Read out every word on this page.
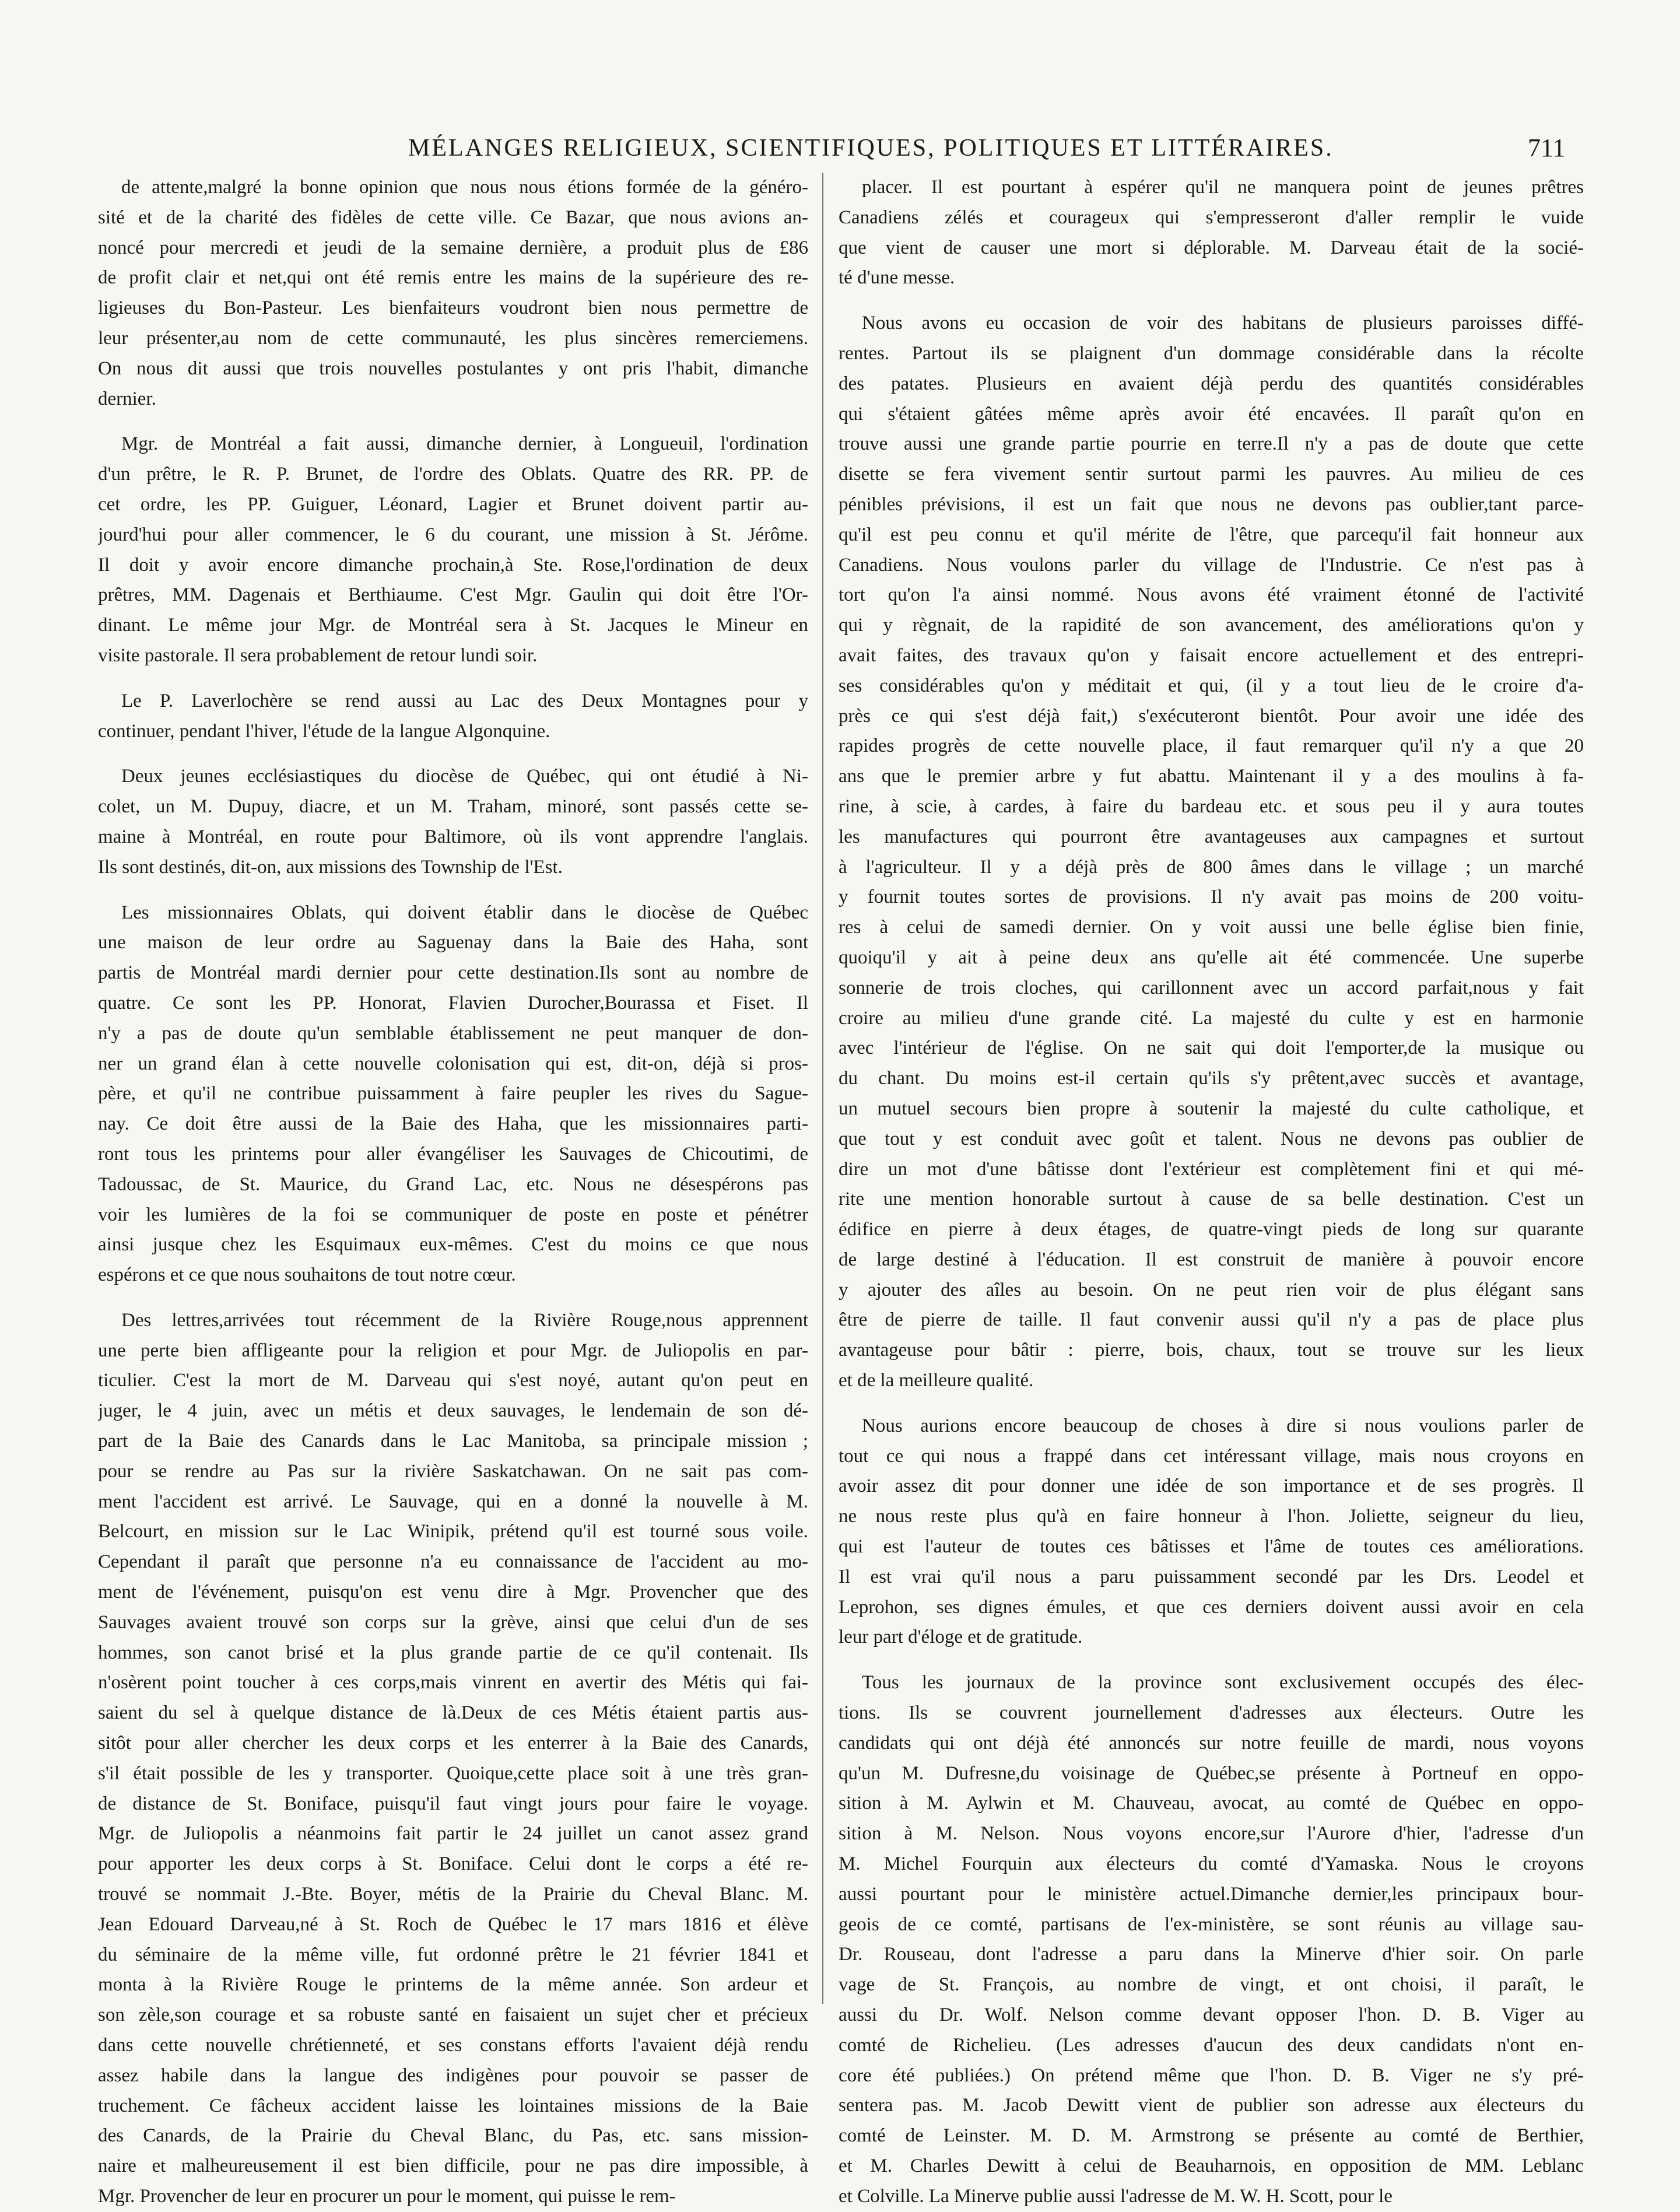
MÉLANGES RELIGIEUX, SCIENTIFIQUES, POLITIQUES ET LITTÉRAIRES.	711
de attente,malgré la bonne opinion que nous nous étions formée de la généro-
sité et de la charité des fidèles de cette ville. Ce Bazar, que nous avions an-
noncé pour mercredi et jeudi de la semaine dernière, a produit plus de £86
de profit clair et net,qui ont été remis entre les mains de la supérieure des re-
ligieuses du Bon-Pasteur. Les bienfaiteurs voudront bien nous permettre de
leur présenter,au nom de cette communauté, les plus sincères remerciemens.
On nous dit aussi que trois nouvelles postulantes y ont pris l'habit, dimanche
dernier.
Mgr. de Montréal a fait aussi, dimanche dernier, à Longueuil, l'ordination
d'un prêtre, le R. P. Brunet, de l'ordre des Oblats. Quatre des RR. PP. de
cet ordre, les PP. Guiguer, Léonard, Lagier et Brunet doivent partir au-
jourd'hui pour aller commencer, le 6 du courant, une mission à St. Jérôme.
Il doit y avoir encore dimanche prochain,à Ste. Rose,l'ordination de deux
prêtres, MM. Dagenais et Berthiaume. C'est Mgr. Gaulin qui doit être l'Or-
dinant. Le même jour Mgr. de Montréal sera à St. Jacques le Mineur en
visite pastorale. Il sera probablement de retour lundi soir.
Le P. Laverlochère se rend aussi au Lac des Deux Montagnes pour y
continuer, pendant l'hiver, l'étude de la langue Algonquine.
Deux jeunes ecclésiastiques du diocèse de Québec, qui ont étudié à Ni-
colet, un M. Dupuy, diacre, et un M. Traham, minoré, sont passés cette se-
maine à Montréal, en route pour Baltimore, où ils vont apprendre l'anglais.
Ils sont destinés, dit-on, aux missions des Township de l'Est.
Les missionnaires Oblats, qui doivent établir dans le diocèse de Québec
une maison de leur ordre au Saguenay dans la Baie des Haha, sont
partis de Montréal mardi dernier pour cette destination.Ils sont au nombre de
quatre. Ce sont les PP. Honorat, Flavien Durocher,Bourassa et Fiset. Il
n'y a pas de doute qu'un semblable établissement ne peut manquer de don-
ner un grand élan à cette nouvelle colonisation qui est, dit-on, déjà si pros-
père, et qu'il ne contribue puissamment à faire peupler les rives du Sague-
nay. Ce doit être aussi de la Baie des Haha, que les missionnaires parti-
ront tous les printems pour aller évangéliser les Sauvages de Chicoutimi, de
Tadoussac, de St. Maurice, du Grand Lac, etc. Nous ne désespérons pas
voir les lumières de la foi se communiquer de poste en poste et pénétrer
ainsi jusque chez les Esquimaux eux-mêmes. C'est du moins ce que nous
espérons et ce que nous souhaitons de tout notre cœur.
Des lettres,arrivées tout récemment de la Rivière Rouge,nous apprennent
une perte bien affligeante pour la religion et pour Mgr. de Juliopolis en par-
ticulier. C'est la mort de M. Darveau qui s'est noyé, autant qu'on peut en
juger, le 4 juin, avec un métis et deux sauvages, le lendemain de son dé-
part de la Baie des Canards dans le Lac Manitoba, sa principale mission ;
pour se rendre au Pas sur la rivière Saskatchawan. On ne sait pas com-
ment l'accident est arrivé. Le Sauvage, qui en a donné la nouvelle à M.
Belcourt, en mission sur le Lac Winipik, prétend qu'il est tourné sous voile.
Cependant il paraît que personne n'a eu connaissance de l'accident au mo-
ment de l'événement, puisqu'on est venu dire à Mgr. Provencher que des
Sauvages avaient trouvé son corps sur la grève, ainsi que celui d'un de ses
hommes, son canot brisé et la plus grande partie de ce qu'il contenait. Ils
n'osèrent point toucher à ces corps,mais vinrent en avertir des Métis qui fai-
saient du sel à quelque distance de là.Deux de ces Métis étaient partis aus-
sitôt pour aller chercher les deux corps et les enterrer à la Baie des Canards,
s'il était possible de les y transporter. Quoique,cette place soit à une très gran-
de distance de St. Boniface, puisqu'il faut vingt jours pour faire le voyage.
Mgr. de Juliopolis a néanmoins fait partir le 24 juillet un canot assez grand
pour apporter les deux corps à St. Boniface. Celui dont le corps a été re-
trouvé se nommait J.-Bte. Boyer, métis de la Prairie du Cheval Blanc. M.
Jean Edouard Darveau,né à St. Roch de Québec le 17 mars 1816 et élève
du séminaire de la même ville, fut ordonné prêtre le 21 février 1841 et
monta à la Rivière Rouge le printems de la même année. Son ardeur et
son zèle,son courage et sa robuste santé en faisaient un sujet cher et précieux
dans cette nouvelle chrétienneté, et ses constans efforts l'avaient déjà rendu
assez habile dans la langue des indigènes pour pouvoir se passer de
truchement. Ce fâcheux accident laisse les lointaines missions de la Baie
des Canards, de la Prairie du Cheval Blanc, du Pas, etc. sans mission-
naire et malheureusement il est bien difficile, pour ne pas dire impossible, à
Mgr. Provencher de leur en procurer un pour le moment, qui puisse le rem-
placer. Il est pourtant à espérer qu'il ne manquera point de jeunes prêtres
Canadiens zélés et courageux qui s'empresseront d'aller remplir le vuide
que vient de causer une mort si déplorable. M. Darveau était de la socié-
té d'une messe.
Nous avons eu occasion de voir des habitans de plusieurs paroisses diffé-
rentes. Partout ils se plaignent d'un dommage considérable dans la récolte
des patates. Plusieurs en avaient déjà perdu des quantités considérables
qui s'étaient gâtées même après avoir été encavées. Il paraît qu'on en
trouve aussi une grande partie pourrie en terre.Il n'y a pas de doute que cette
disette se fera vivement sentir surtout parmi les pauvres. Au milieu de ces
pénibles prévisions, il est un fait que nous ne devons pas oublier,tant parce-
qu'il est peu connu et qu'il mérite de l'être, que parcequ'il fait honneur aux
Canadiens. Nous voulons parler du village de l'Industrie. Ce n'est pas à
tort qu'on l'a ainsi nommé. Nous avons été vraiment étonné de l'activité
qui y règnait, de la rapidité de son avancement, des améliorations qu'on y
avait faites, des travaux qu'on y faisait encore actuellement et des entrepri-
ses considérables qu'on y méditait et qui, (il y a tout lieu de le croire d'a-
près ce qui s'est déjà fait,) s'exécuteront bientôt. Pour avoir une idée des
rapides progrès de cette nouvelle place, il faut remarquer qu'il n'y a que 20
ans que le premier arbre y fut abattu. Maintenant il y a des moulins à fa-
rine, à scie, à cardes, à faire du bardeau etc. et sous peu il y aura toutes
les manufactures qui pourront être avantageuses aux campagnes et surtout
à l'agriculteur. Il y a déjà près de 800 âmes dans le village ; un marché
y fournit toutes sortes de provisions. Il n'y avait pas moins de 200 voitu-
res à celui de samedi dernier. On y voit aussi une belle église bien finie,
quoiqu'il y ait à peine deux ans qu'elle ait été commencée. Une superbe
sonnerie de trois cloches, qui carillonnent avec un accord parfait,nous y fait
croire au milieu d'une grande cité. La majesté du culte y est en harmonie
avec l'intérieur de l'église. On ne sait qui doit l'emporter,de la musique ou
du chant. Du moins est-il certain qu'ils s'y prêtent,avec succès et avantage,
un mutuel secours bien propre à soutenir la majesté du culte catholique, et
que tout y est conduit avec goût et talent. Nous ne devons pas oublier de
dire un mot d'une bâtisse dont l'extérieur est complètement fini et qui mé-
rite une mention honorable surtout à cause de sa belle destination. C'est un
édifice en pierre à deux étages, de quatre-vingt pieds de long sur quarante
de large destiné à l'éducation. Il est construit de manière à pouvoir encore
y ajouter des aîles au besoin. On ne peut rien voir de plus élégant sans
être de pierre de taille. Il faut convenir aussi qu'il n'y a pas de place plus
avantageuse pour bâtir : pierre, bois, chaux, tout se trouve sur les lieux
et de la meilleure qualité.
Nous aurions encore beaucoup de choses à dire si nous voulions parler de
tout ce qui nous a frappé dans cet intéressant village, mais nous croyons en
avoir assez dit pour donner une idée de son importance et de ses progrès. Il
ne nous reste plus qu'à en faire honneur à l'hon. Joliette, seigneur du lieu,
qui est l'auteur de toutes ces bâtisses et l'âme de toutes ces améliorations.
Il est vrai qu'il nous a paru puissamment secondé par les Drs. Leodel et
Leprohon, ses dignes émules, et que ces derniers doivent aussi avoir en cela
leur part d'éloge et de gratitude.
Tous les journaux de la province sont exclusivement occupés des élec-
tions. Ils se couvrent journellement d'adresses aux électeurs. Outre les
candidats qui ont déjà été annoncés sur notre feuille de mardi, nous voyons
qu'un M. Dufresne,du voisinage de Québec,se présente à Portneuf en oppo-
sition à M. Aylwin et M. Chauveau, avocat, au comté de Québec en oppo-
sition à M. Nelson. Nous voyons encore,sur l'Aurore d'hier, l'adresse d'un
M. Michel Fourquin aux électeurs du comté d'Yamaska. Nous le croyons
aussi pourtant pour le ministère actuel.Dimanche dernier,les principaux bour-
geois de ce comté, partisans de l'ex-ministère, se sont réunis au village sau-
Dr. Rouseau, dont l'adresse a paru dans la Minerve d'hier soir. On parle
vage de St. François, au nombre de vingt, et ont choisi, il paraît, le
aussi du Dr. Wolf. Nelson comme devant opposer l'hon. D. B. Viger au
comté de Richelieu. (Les adresses d'aucun des deux candidats n'ont en-
core été publiées.) On prétend même que l'hon. D. B. Viger ne s'y pré-
sentera pas. M. Jacob Dewitt vient de publier son adresse aux électeurs du
comté de Leinster. M. D. M. Armstrong se présente au comté de Berthier,
et M. Charles Dewitt à celui de Beauharnois, en opposition de MM. Leblanc
et Colville. La Minerve publie aussi l'adresse de M. W. H. Scott, pour le
